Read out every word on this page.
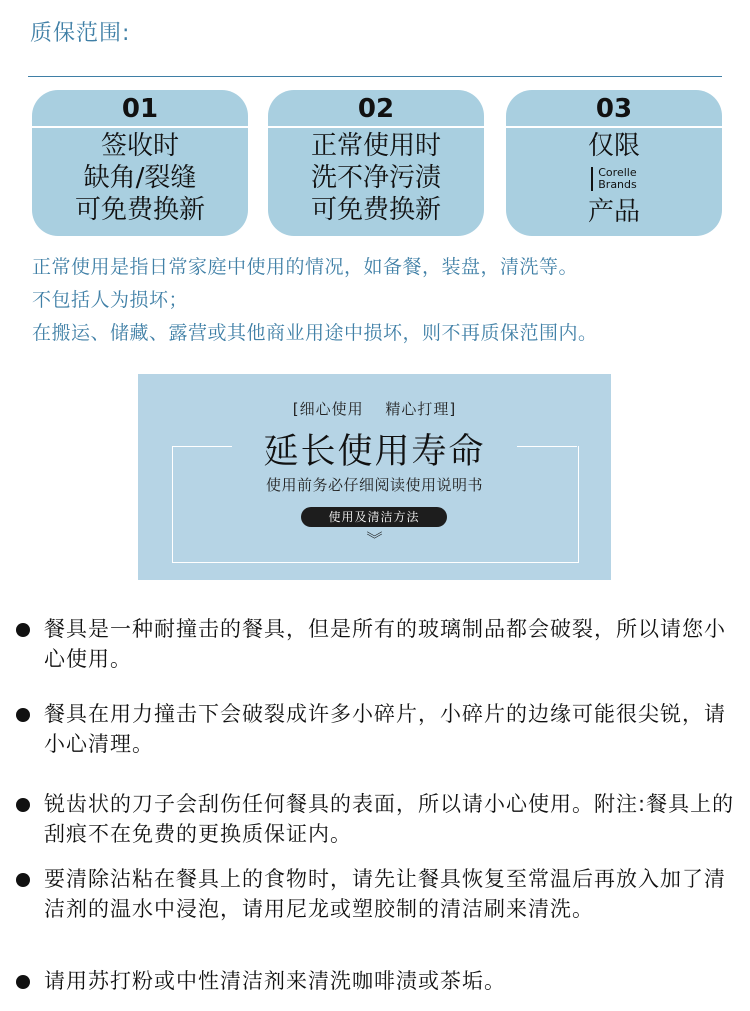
质保范围:
01
签收时
缺角/裂缝
可免费换新
02
正常使用时
洗不净污渍
可免费换新
03
仅限
Corelle
Brands
产品
正常使用是指日常家庭中使用的情况，如备餐，装盘，清洗等。
不包括人为损坏；
在搬运、储藏、露营或其他商业用途中损坏，则不再质保范围内。
[细心使用　 精心打理]
延长使用寿命
使用前务必仔细阅读使用说明书
使用及清洁方法
︾
餐具是一种耐撞击的餐具，但是所有的玻璃制品都会破裂，所以请您小心使用。
餐具在用力撞击下会破裂成许多小碎片，小碎片的边缘可能很尖锐，请小心清理。
锐齿状的刀子会刮伤任何餐具的表面，所以请小心使用。附注:餐具上的刮痕不在免费的更换质保证内。
要清除沾粘在餐具上的食物时，请先让餐具恢复至常温后再放入加了清洁剂的温水中浸泡，请用尼龙或塑胶制的清洁刷来清洗。
请用苏打粉或中性清洁剂来清洗咖啡渍或茶垢。
